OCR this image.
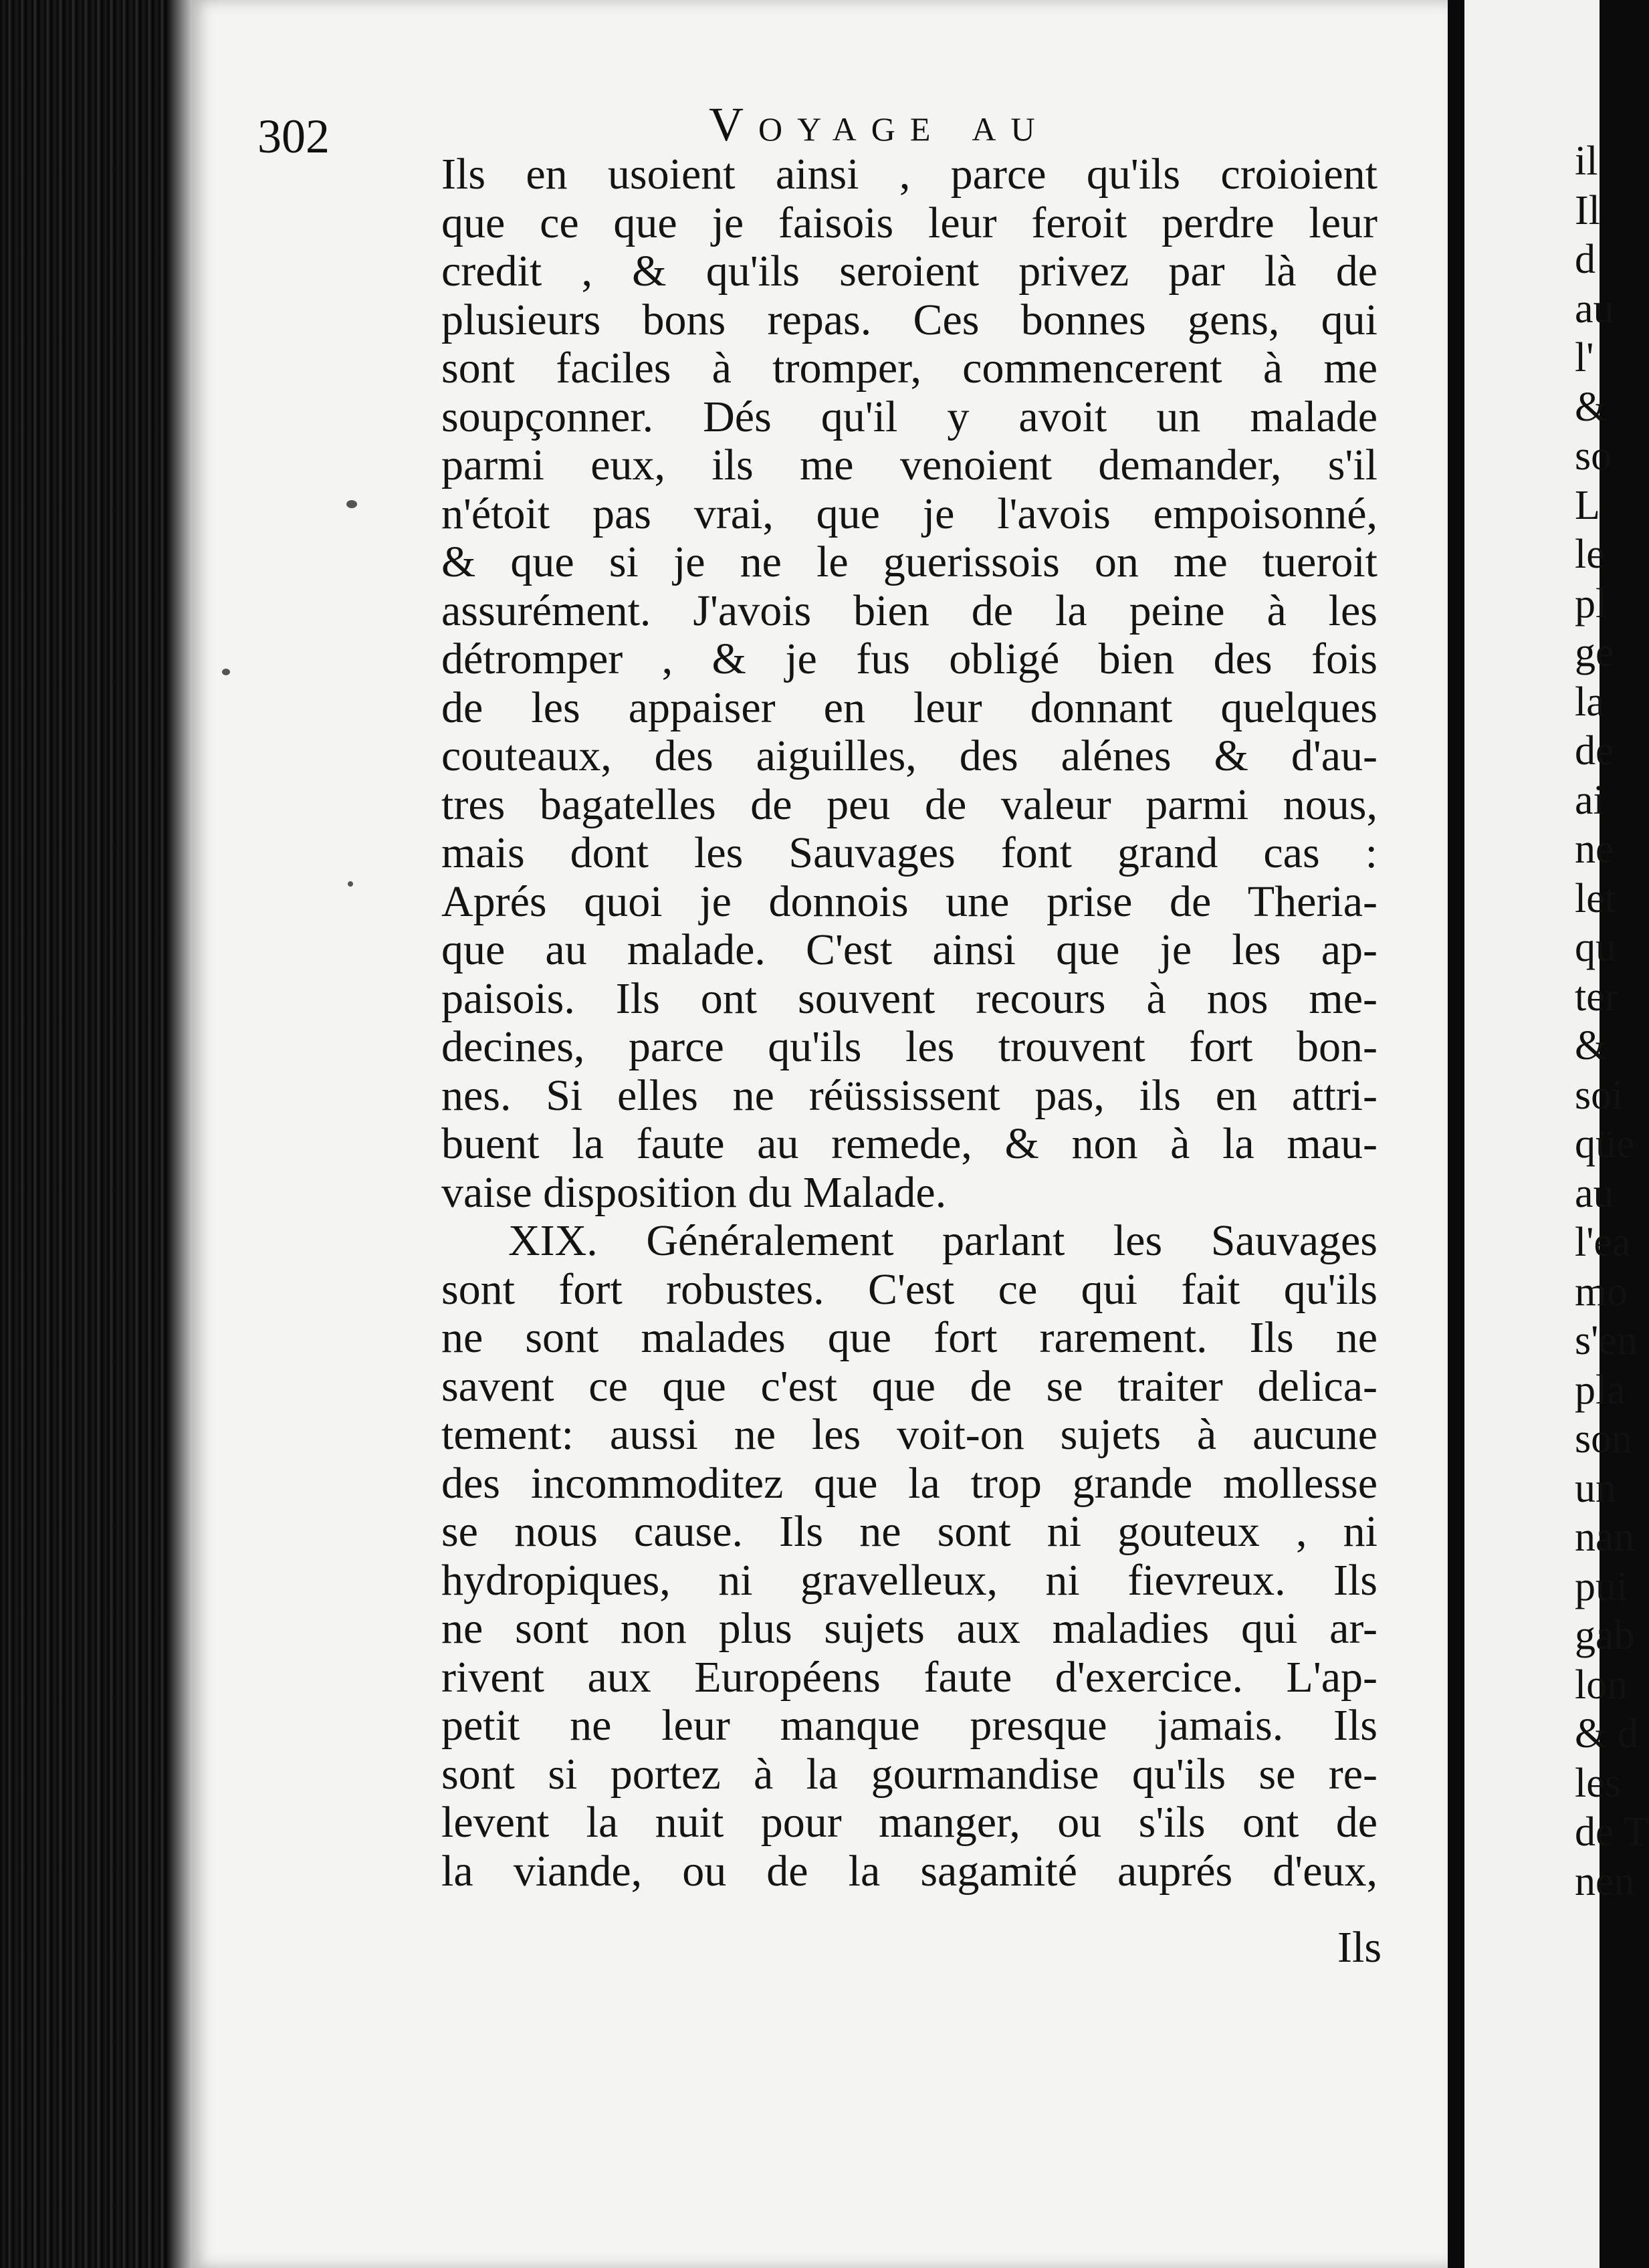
302	Voyage au
Ils en usoient ainsi , parce qu'ils croioient
que ce que je faisois leur feroit perdre leur
credit , & qu'ils seroient privez par là de
plusieurs bons repas. Ces bonnes gens, qui
sont faciles à tromper, commencerent à me
soupçonner. Dés qu'il y avoit un malade
parmi eux, ils me venoient demander, s'il
n'étoit pas vrai, que je l'avois empoisonné,
& que si je ne le guerissois on me tueroit
assurément. J'avois bien de la peine à les
détromper , & je fus obligé bien des fois
de les appaiser en leur donnant quelques
couteaux, des aiguilles, des alénes & d'au-
tres bagatelles de peu de valeur parmi nous,
mais dont les Sauvages font grand cas :
Aprés quoi je donnois une prise de Theria-
que au malade. C'est ainsi que je les ap-
paisois. Ils ont souvent recours à nos me-
decines, parce qu'ils les trouvent fort bon-
nes. Si elles ne réüssissent pas, ils en attri-
buent la faute au remede, & non à la mau-
vaise disposition du Malade.
XIX. Généralement parlant les Sauvages
sont fort robustes. C'est ce qui fait qu'ils
ne sont malades que fort rarement. Ils ne
savent ce que c'est que de se traiter delica-
tement: aussi ne les voit-on sujets à aucune
des incommoditez que la trop grande mollesse
se nous cause. Ils ne sont ni gouteux , ni
hydropiques, ni gravelleux, ni fievreux. Ils
ne sont non plus sujets aux maladies qui ar-
rivent aux Européens faute d'exercice. L'ap-
petit ne leur manque presque jamais. Ils
sont si portez à la gourmandise qu'ils se re-
levent la nuit pour manger, ou s'ils ont de
la viande, ou de la sagamité auprés d'eux,
Ils
il
Il
d
au
l'
&
so
L
le
pl
ge
la
de
ai
ne
let
qu
ter
&
soi
qüe
au
l'ea
mo
s'en
pla
son
un
nan
pui
gab
lon
& d
les
de T
nen
